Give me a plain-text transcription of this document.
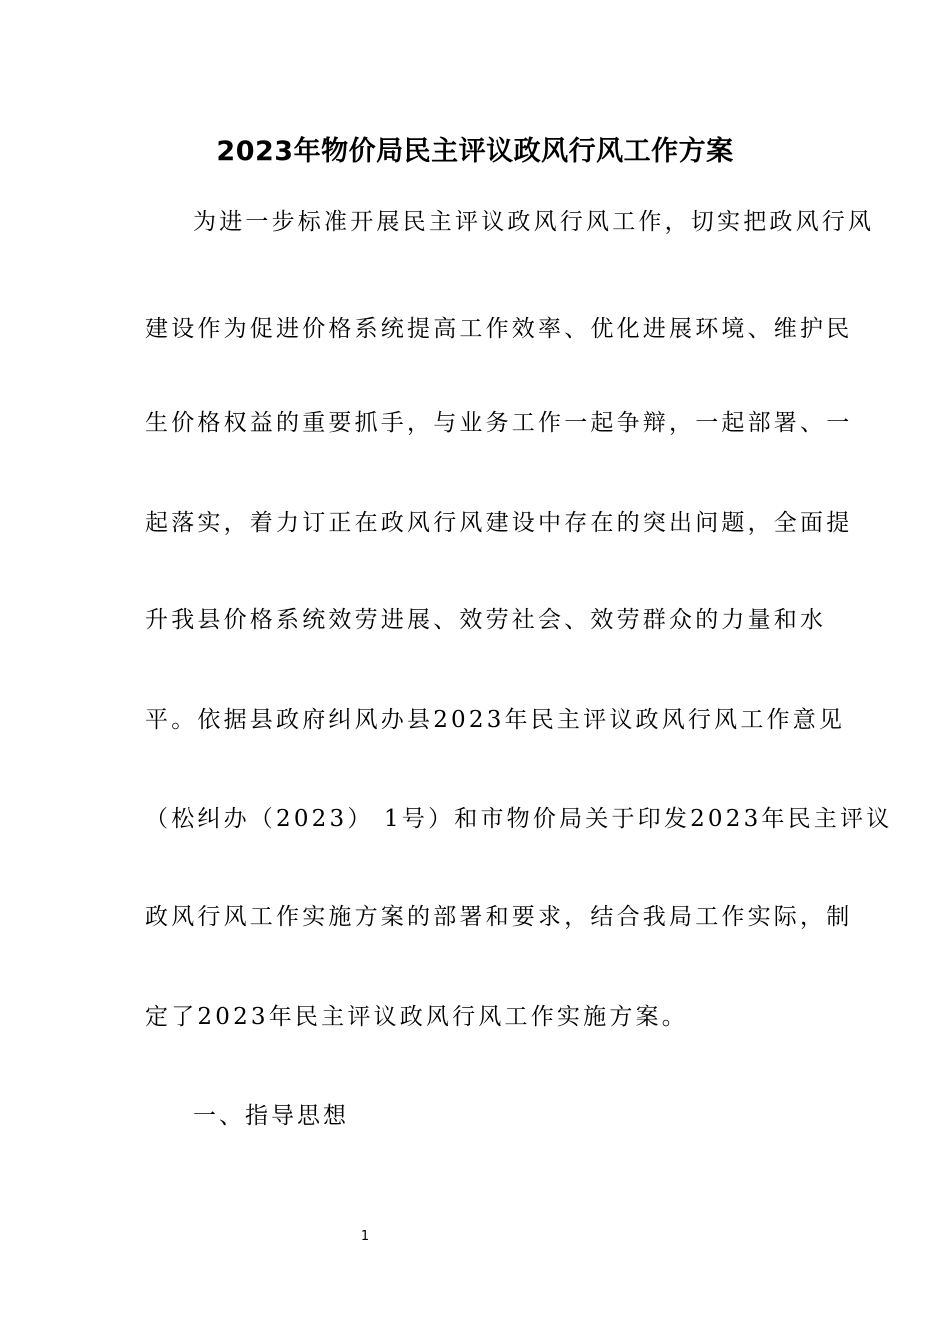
2023年物价局民主评议政风行风工作方案
为进一步标准开展民主评议政风行风工作，切实把政风行风
建设作为促进价格系统提高工作效率、优化进展环境、维护民
生价格权益的重要抓手，与业务工作一起争辩，一起部署、一
起落实，着力订正在政风行风建设中存在的突出问题，全面提
升我县价格系统效劳进展、效劳社会、效劳群众的力量和水
平。依据县政府纠风办县2023年民主评议政风行风工作意见
（松纠办（2023） 1号）和市物价局关于印发2023年民主评议
政风行风工作实施方案的部署和要求，结合我局工作实际，制
定了2023年民主评议政风行风工作实施方案。
一、指导思想
1
